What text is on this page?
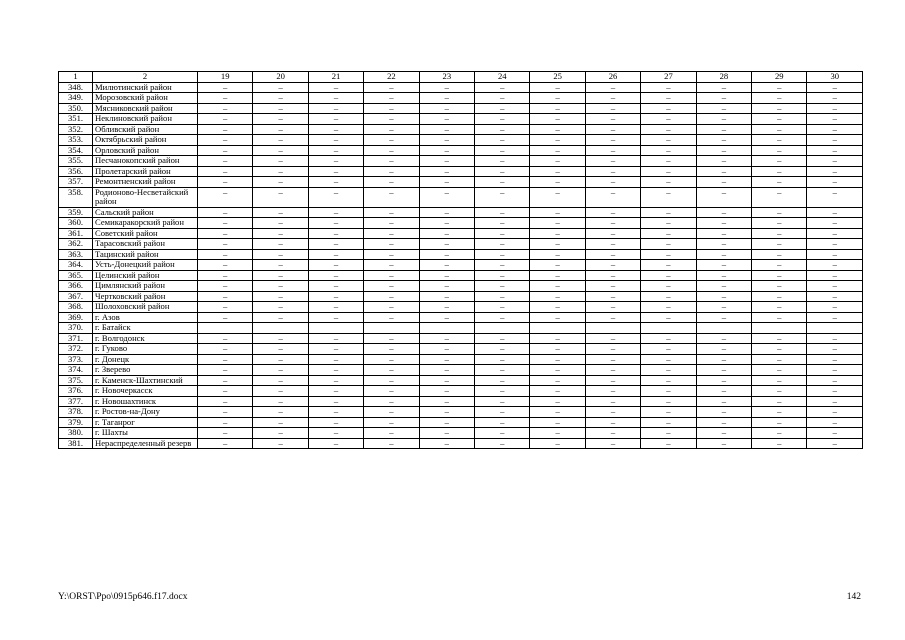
1	2	19	20	21	22	23	24	25	26	27	28	29	30
348.	Милютинский район	–	–	–	–	–	–	–	–	–	–	–	–
349.	Морозовский район	–	–	–	–	–	–	–	–	–	–	–	–
350.	Мясниковский район	–	–	–	–	–	–	–	–	–	–	–	–
351.	Неклиновский район	–	–	–	–	–	–	–	–	–	–	–	–
352.	Обливский район	–	–	–	–	–	–	–	–	–	–	–	–
353.	Октябрьский район	–	–	–	–	–	–	–	–	–	–	–	–
354.	Орловский район	–	–	–	–	–	–	–	–	–	–	–	–
355.	Песчанокопский район	–	–	–	–	–	–	–	–	–	–	–	–
356.	Пролетарский район	–	–	–	–	–	–	–	–	–	–	–	–
357.	Ремонтненский район	–	–	–	–	–	–	–	–	–	–	–	–
358.	Родионово-Несветайский район	–	–	–	–	–	–	–	–	–	–	–	–
359.	Сальский район	–	–	–	–	–	–	–	–	–	–	–	–
360.	Семикаракорский район	–	–	–	–	–	–	–	–	–	–	–	–
361.	Советский район	–	–	–	–	–	–	–	–	–	–	–	–
362.	Тарасовский район	–	–	–	–	–	–	–	–	–	–	–	–
363.	Тацинский район	–	–	–	–	–	–	–	–	–	–	–	–
364.	Усть-Донецкий район	–	–	–	–	–	–	–	–	–	–	–	–
365.	Целинский район	–	–	–	–	–	–	–	–	–	–	–	–
366.	Цимлянский район	–	–	–	–	–	–	–	–	–	–	–	–
367.	Чертковский район	–	–	–	–	–	–	–	–	–	–	–	–
368.	Шолоховский район	–	–	–	–	–	–	–	–	–	–	–	–
369.	г. Азов	–	–	–	–	–	–	–	–	–	–	–	–
370.	г. Батайск												
371.	г. Волгодонск	–	–	–	–	–	–	–	–	–	–	–	–
372.	г. Гуково	–	–	–	–	–	–	–	–	–	–	–	–
373.	г. Донецк	–	–	–	–	–	–	–	–	–	–	–	–
374.	г. Зверево	–	–	–	–	–	–	–	–	–	–	–	–
375.	г. Каменск-Шахтинский	–	–	–	–	–	–	–	–	–	–	–	–
376.	г. Новочеркасск	–	–	–	–	–	–	–	–	–	–	–	–
377.	г. Новошахтинск	–	–	–	–	–	–	–	–	–	–	–	–
378.	г. Ростов-на-Дону	–	–	–	–	–	–	–	–	–	–	–	–
379.	г. Таганрог	–	–	–	–	–	–	–	–	–	–	–	–
380.	г. Шахты	–	–	–	–	–	–	–	–	–	–	–	–
381.	Нераспределенный резерв	–	–	–	–	–	–	–	–	–	–	–	–
Y:\ORST\Ppo\0915p646.f17.docx	142
